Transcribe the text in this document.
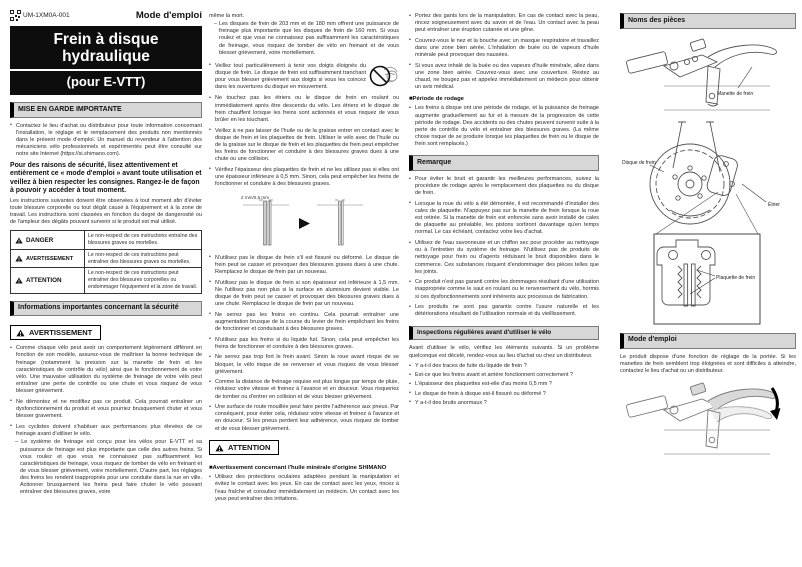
UM-1XM0A-001	Mode d'emploi
Frein à disque
hydraulique
(pour E-VTT)
MISE EN GARDE IMPORTANTE
• Contactez le lieu d'achat ou distributeur pour toute information concernant l'installation, le réglage et le remplacement des produits non mentionnés dans le présent mode d'emploi. Un manuel du revendeur à l'attention des mécaniciens vélo professionnels et expérimentés peut être consulté sur notre site Internet (https://si.shimano.com).
Pour des raisons de sécurité, lisez attentivement et entièrement ce « mode d'emploi » avant toute utilisation et veillez à bien respecter les consignes. Rangez-le de façon à pouvoir y accéder à tout moment.
Les instructions suivantes doivent être observées à tout moment afin d'éviter toute blessure corporelle ou tout dégât causé à l'équipement et à la zone de travail. Les instructions sont classées en fonction du degré de dangerosité ou de l'ampleur des dégâts pouvant survenir si le produit est mal utilisé.
DANGER
Le non-respect de ces instructions entraîne des blessures graves ou mortelles.
AVERTISSEMENT
Le non-respect de ces instructions peut entraîner des blessures graves ou mortelles.
ATTENTION
Le non-respect de ces instructions peut entraîner des blessures corporelles ou endommager l'équipement et la zone de travail.
Informations importantes concernant la sécurité
AVERTISSEMENT
• Comme chaque vélo peut avoir un comportement légèrement différent en fonction de son modèle, assurez-vous de maîtriser la bonne technique de freinage (notamment la pression sur la manette de frein et les caractéristiques de contrôle du vélo) ainsi que le fonctionnement de votre vélo. Une mauvaise utilisation du système de freinage de votre vélo peut entraîner une perte de contrôle ou une chute et vous risquez de vous blesser grièvement.
• Ne démontez et ne modifiez pas ce produit. Cela pourrait entraîner un dysfonctionnement du produit et vous pourriez brusquement chuter et vous blesser gravement.
• Les cyclistes doivent s'habituer aux performances plus élevées de ce freinage avant d'utiliser le vélo.
– Le système de freinage est conçu pour les vélos pour E-VTT et sa puissance de freinage est plus importante que celle des autres freins. Si vous roulez et que vous ne connaissez pas suffisamment les caractéristiques de freinage, vous risquez de tomber de vélo en freinant et de vous blesser grièvement, voire mortellement. D'autre part, les réglages des freins les rendent inappropriés pour une conduite dans la rue en ville. Actionner brusquement les freins peut faire chuter le vélo pouvant entraîner des blessures graves, voire
même la mort.
– Les disques de frein de 203 mm et de 180 mm offrent une puissance de freinage plus importante que les disques de frein de 160 mm. Si vous roulez et que vous ne connaissez pas suffisamment les caractéristiques de freinage, vous risquez de tomber de vélo en freinant et de vous blesser grièvement, voire mortellement.
• Veillez tout particulièrement à tenir vos doigts éloignés du disque de frein. Le disque de frein est suffisamment tranchant pour vous blesser grièvement aux doigts si vous les coincez dans les ouvertures du disque en mouvement.
• Ne touchez pas les étriers ou le disque de frein en roulant ou immédiatement après être descendu du vélo. Les étriers et le disque de frein chauffent lorsque les freins sont actionnés et vous risquez de vous brûler en les touchant.
• Veillez à ne pas laisser de l'huile ou de la graisse entrer en contact avec le disque de frein et les plaquettes de frein. Utiliser le vélo avec de l'huile ou de la graisse sur le disque de frein et les plaquettes de frein peut empêcher les freins de fonctionner et conduire à des blessures graves dues à une chute ou une collision.
• Vérifiez l'épaisseur des plaquettes de frein et ne les utilisez pas si elles ont une épaisseur inférieure à 0,5 mm. Sinon, cela peut empêcher les freins de fonctionner et conduire à des blessures graves.
2 mm/0,5 mm
• N'utilisez pas le disque de frein s'il est fissuré ou déformé. Le disque de frein peut se casser et provoquer des blessures graves dues à une chute. Remplacez le disque de frein par un nouveau.
• N'utilisez pas le disque de frein si son épaisseur est inférieure à 1,5 mm. Ne l'utilisez pas non plus si la surface en aluminium devient visible. Le disque de frein peut se casser et provoquer des blessures graves dues à une chute. Remplacez le disque de frein par un nouveau.
• Ne serrez pas les freins en continu. Cela pourrait entraîner une augmentation brusque de la course du levier de frein empêchant les freins de fonctionner et conduisant à des blessures graves.
• N'utilisez pas les freins si du liquide fuit. Sinon, cela peut empêcher les freins de fonctionner et conduire à des blessures graves.
• Ne serrez pas trop fort le frein avant. Sinon la roue avant risque de se bloquer, le vélo risque de se renverser et vous risquez de vous blesser grièvement.
• Comme la distance de freinage requise est plus longue par temps de pluie, réduisez votre vitesse et freinez à l'avance et en douceur. Vous risqueriez de tomber ou d'entrer en collision et de vous blesser grièvement.
• Une surface de route mouillée peut faire perdre l'adhérence aux pneus. Par conséquent, pour éviter cela, réduisez votre vitesse et freinez à l'avance et en douceur. Si les pneus perdent leur adhérence, vous risquez de tomber et de vous blesser grièvement.
ATTENTION
■Avertissement concernant l'huile minérale d'origine SHIMANO
• Utilisez des protections oculaires adaptées pendant la manipulation et évitez le contact avec les yeux. En cas de contact avec les yeux, rincez à l'eau fraîche et consultez immédiatement un médecin. Un contact avec les yeux peut entraîner des irritations.
• Portez des gants lors de la manipulation. En cas de contact avec la peau, rincez soigneusement avec du savon et de l'eau. Un contact avec la peau peut entraîner une éruption cutanée et une gêne.
• Couvrez-vous le nez et la bouche avec un masque respiratoire et travaillez dans une zone bien aérée. L'inhalation de buée ou de vapeurs d'huile minérale peut provoquer des nausées.
• Si vous avez inhalé de la buée ou des vapeurs d'huile minérale, allez dans une zone bien aérée. Couvrez-vous avec une couverture. Restez au chaud, ne bougez pas et appelez immédiatement un médecin pour obtenir un avis médical.
■Période de rodage
• Les freins à disque ont une période de rodage, et la puissance de freinage augmente graduellement au fur et à mesure de la progression de cette période de rodage. Des accidents ou des chutes peuvent survenir suite à la perte de contrôle du vélo et entraîner des blessures graves. (La même chose risque de se produire lorsque les plaquettes de frein ou le disque de frein sont remplacés.)
Remarque
• Pour éviter le bruit et garantir les meilleures performances, suivez la procédure de rodage après le remplacement des plaquettes ou du disque de frein.
• Lorsque la roue du vélo a été démontée, il est recommandé d'installer des cales de plaquette. N'appuyez pas sur la manette de frein lorsque la roue est retirée. Si la manette de frein est enfoncée sans avoir installé de cales de plaquette au préalable, les pistons sortiront davantage qu'en temps normal. Le cas échéant, contactez votre lieu d'achat.
• Utilisez de l'eau savonneuse et un chiffon sec pour procéder au nettoyage ou à l'entretien du système de freinage. N'utilisez pas de produits de nettoyage pour frein ou d'agents réduisant le bruit disponibles dans le commerce. Ces substances risquent d'endommager des pièces telles que les joints.
• Ce produit n'est pas garanti contre les dommages résultant d'une utilisation inappropriée comme le saut en roulant ou le renversement du vélo, hormis si ces dysfonctionnements sont inhérents aux processus de fabrication.
• Les produits ne sont pas garantis contre l'usure naturelle et les détériorations résultant de l'utilisation normale et du vieillissement.
Inspections régulières avant d'utiliser le vélo
Avant d'utiliser le vélo, vérifiez les éléments suivants. Si un problème quelconque est décelé, rendez-vous au lieu d'achat ou chez un distributeur.
• Y a-t-il des traces de fuite du liquide de frein ?
• Est-ce que les freins avant et arrière fonctionnent correctement ?
• L'épaisseur des plaquettes est-elle d'au moins 0,5 mm ?
• Le disque de frein à disque est-il fissuré ou déformé ?
• Y a-t-il des bruits anormaux ?
Noms des pièces
Manette de frein
Disque de frein
Étrier
Plaquette de frein
Mode d'emploi
Le produit dispose d'une fonction de réglage de la portée. Si les manettes de frein semblent trop éloignées et sont difficiles à atteindre, contactez le lieu d'achat ou un distributeur.
